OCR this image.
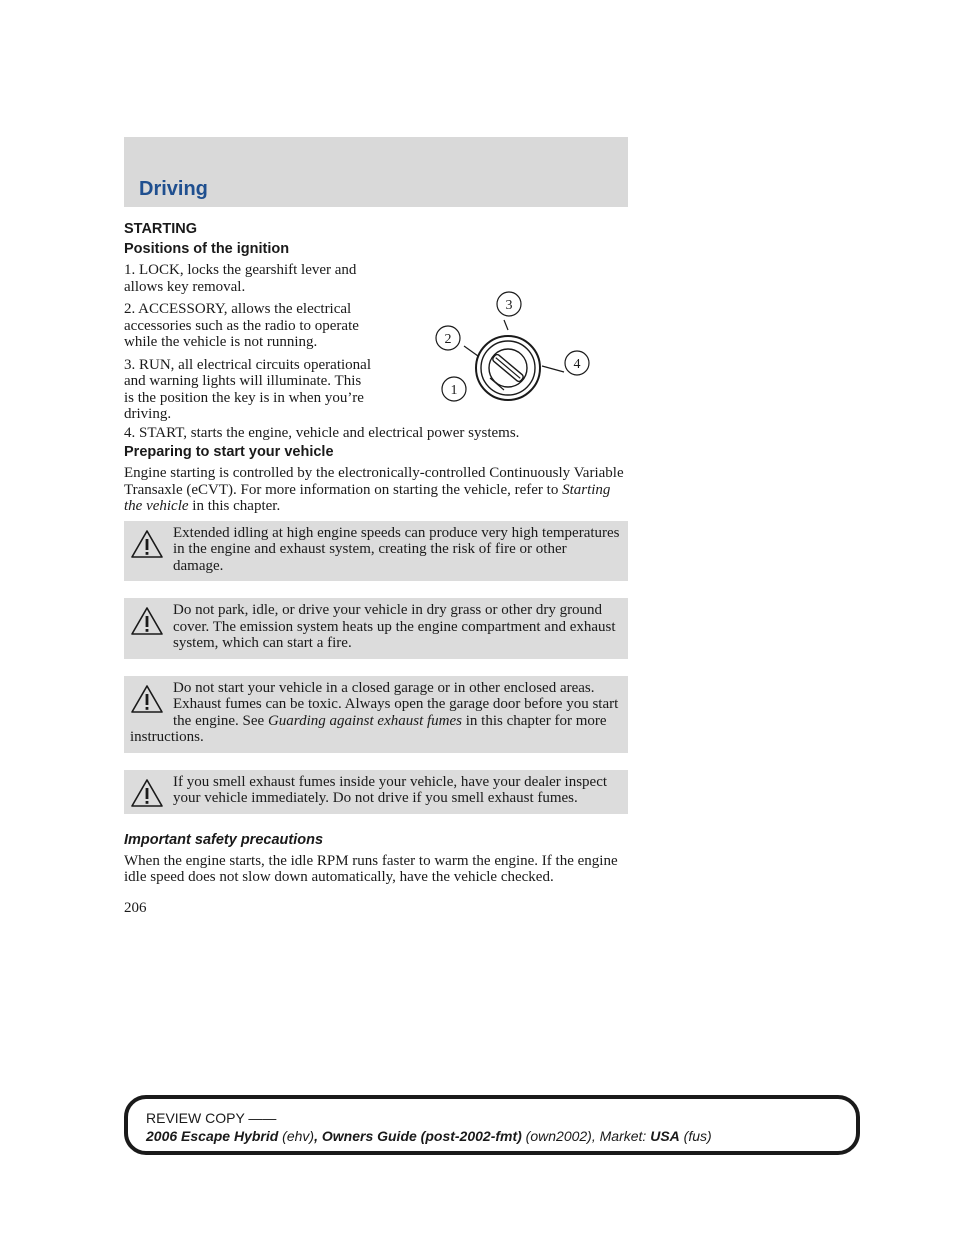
Driving
STARTING
Positions of the ignition
1
2
3
4

1. LOCK, locks the gearshift lever and allows key removal.

2. ACCESSORY, allows the electrical accessories such as the radio to operate while the vehicle is not running.

3. RUN, all electrical circuits operational and warning lights will illuminate. This is the position the key is in when you’re driving.

4. START, starts the engine, vehicle and electrical power systems.

Preparing to start your vehicle

Engine starting is controlled by the electronically-controlled Continuously Variable Transaxle (eCVT). For more information on starting the vehicle, refer to Starting the vehicle in this chapter.

Extended idling at high engine speeds can produce very high temperatures in the engine and exhaust system, creating the risk of fire or other damage.
Do not park, idle, or drive your vehicle in dry grass or other dry ground cover. The emission system heats up the engine compartment and exhaust system, which can start a fire.
Do not start your vehicle in a closed garage or in other enclosed areas. Exhaust fumes can be toxic. Always open the garage door before you start the engine. See Guarding against exhaust fumes in this chapter for more instructions.
If you smell exhaust fumes inside your vehicle, have your dealer inspect your vehicle immediately. Do not drive if you smell exhaust fumes.
Important safety precautions

When the engine starts, the idle RPM runs faster to warm the engine. If the engine idle speed does not slow down automatically, have the vehicle checked.

206

REVIEW COPY ——
2006 Escape Hybrid (ehv), Owners Guide (post-2002-fmt) (own2002), Market: USA (fus)
